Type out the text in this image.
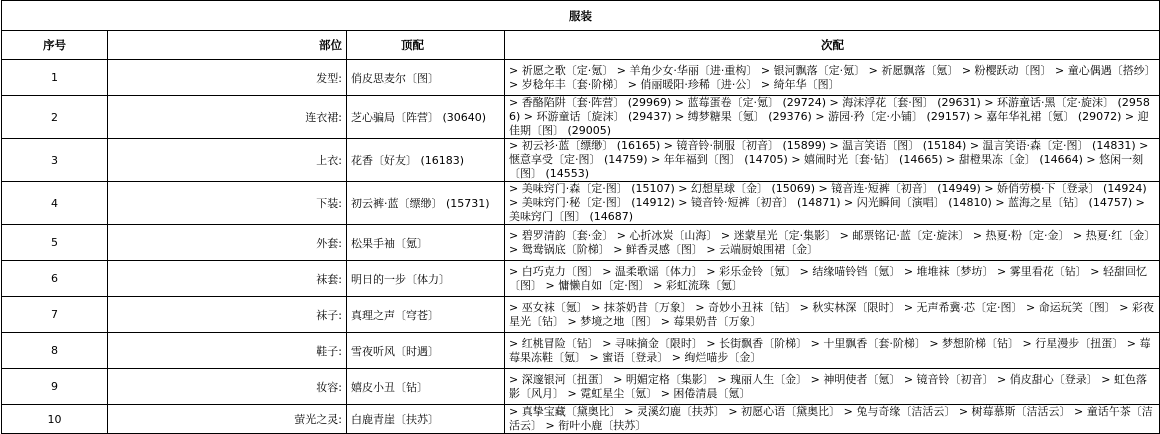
服装			
序号	部位	顶配	次配
1	发型:	俏皮思麦尔〔图〕	> 祈愿之歌〔定·氪〕 > 羊角少女·华丽〔进·重构〕 > 银河飘落〔定·氪〕 > 祈愿飘落〔氪〕 > 粉樱跃动〔图〕 > 童心偶遇〔搭纱〕 > 岁稔年丰〔套·阶梯〕 > 俏丽暖阳·珍稀〔进·公〕 > 绮年华〔图〕
2	连衣裙:	芝心骗局〔阵营〕 (30640)	> 香酪陷阱〔套·阵营〕 (29969) > 蓝莓蛋卷〔定·氪〕 (29724) > 海沫浮花〔套·图〕 (29631) > 环游童话·黑〔定·旋沫〕 (29586) > 环游童话〔旋沫〕 (29437) > 缚梦糖果〔氪〕 (29376) > 游园·矜〔定·小铺〕 (29157) > 嘉年华礼裙〔氪〕 (29072) > 迎佳期〔图〕 (29005)
3	上衣:	花香〔好友〕 (16183)	> 初云衫·蓝〔缥缈〕 (16165) > 镜音铃·制服〔初音〕 (15899) > 温言笑语〔图〕 (15184) > 温言笑语·森〔定·图〕 (14831) > 惬意享受〔定·图〕 (14759) > 年年福到〔图〕 (14705) > 嬉闹时光〔套·钻〕 (14665) > 甜橙果冻〔金〕 (14664) > 悠闲一刻〔图〕 (14553)
4	下装:	初云裤·蓝〔缥缈〕 (15731)	> 美味窍门·森〔定·图〕 (15107) > 幻想星球〔金〕 (15069) > 镜音连·短裤〔初音〕 (14949) > 娇俏劳模·下〔登录〕 (14924) > 美味窍门·秘〔定·图〕 (14912) > 镜音铃·短裤〔初音〕 (14871) > 闪光瞬间〔演唱〕 (14810) > 蓝海之星〔钻〕 (14757) > 美味窍门〔图〕 (14687)
5	外套:	松果手袖〔氪〕	> 碧罗清韵〔套·金〕 > 心折冰炭〔山海〕 > 迷蒙星光〔定·集影〕 > 邮票铭记·蓝〔定·旋沫〕 > 热夏·粉〔定·金〕 > 热夏·红〔金〕 > 鸳鸯锅底〔阶梯〕 > 鲜香灵感〔图〕 > 云端厨娘围裙〔金〕
6	袜套:	明日的一步〔体力〕	> 白巧克力〔图〕 > 温柔歌谣〔体力〕 > 彩乐金铃〔氪〕 > 结缘喵铃铛〔氪〕 > 堆堆袜〔梦坊〕 > 雾里看花〔钻〕 > 轻甜回忆〔图〕 > 慵懒自如〔定·图〕 > 彩虹流珠〔氪〕
7	袜子:	真理之声〔穹苍〕	> 巫女袜〔氪〕 > 抹茶奶昔〔万象〕 > 奇妙小丑袜〔钻〕 > 秋实林深〔限时〕 > 无声希冀·芯〔定·图〕 > 命运玩笑〔图〕 > 彩夜星光〔钻〕 > 梦境之地〔图〕 > 莓果奶昔〔万象〕
8	鞋子:	雪夜听风〔时遇〕	> 红桃冒险〔钻〕 > 寻味摘金〔限时〕 > 长街飘香〔阶梯〕 > 十里飘香〔套·阶梯〕 > 梦想阶梯〔钻〕 > 行星漫步〔扭蛋〕 > 莓莓果冻鞋〔氪〕 > 蜜语〔登录〕 > 绚烂喵步〔金〕
9	妆容:	嬉皮小丑〔钻〕	> 深邃银河〔扭蛋〕 > 明媚定格〔集影〕 > 瑰丽人生〔金〕 > 神明使者〔氪〕 > 镜音铃〔初音〕 > 俏皮甜心〔登录〕 > 虹色落影〔风月〕 > 霓虹星尘〔氪〕 > 困倦清晨〔氪〕
10	萤光之灵:	白鹿青崖〔扶苏〕	> 真挚宝藏〔黛奥比〕 > 灵溪幻鹿〔扶苏〕 > 初愿心语〔黛奥比〕 > 兔与奇缘〔洁活云〕 > 树莓慕斯〔洁活云〕 > 童话午茶〔洁活云〕 > 衔叶小鹿〔扶苏〕
